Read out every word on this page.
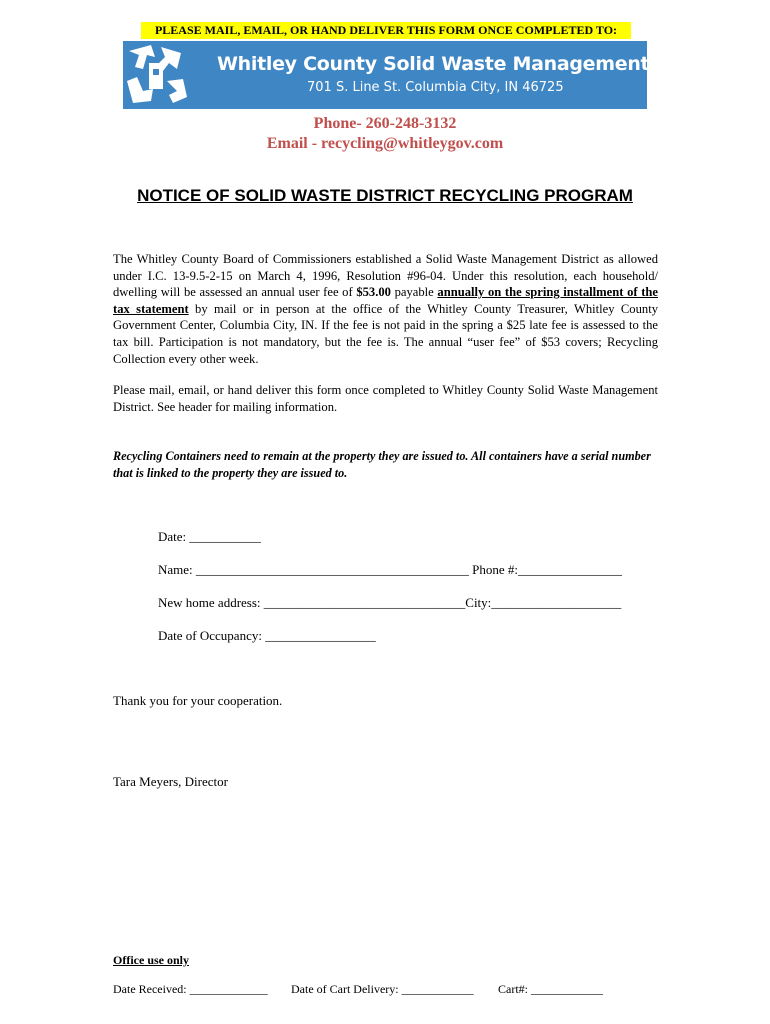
PLEASE MAIL, EMAIL, OR HAND DELIVER THIS FORM ONCE COMPLETED TO:
Whitley County Solid Waste Management District
701 S. Line St. Columbia City, IN 46725
Phone- 260-248-3132
Email - recycling@whitleygov.com
NOTICE OF SOLID WASTE DISTRICT RECYCLING PROGRAM
The Whitley County Board of Commissioners established a Solid Waste Management District as allowed under I.C. 13-9.5-2-15 on March 4, 1996, Resolution #96-04. Under this resolution, each household/ dwelling will be assessed an annual user fee of $53.00 payable annually on the spring installment of the tax statement by mail or in person at the office of the Whitley County Treasurer, Whitley County Government Center, Columbia City, IN. If the fee is not paid in the spring a $25 late fee is assessed to the tax bill. Participation is not mandatory, but the fee is. The annual “user fee” of $53 covers; Recycling Collection every other week.
Please mail, email, or hand deliver this form once completed to Whitley County Solid Waste Management District. See header for mailing information.
Recycling Containers need to remain at the property they are issued to. All containers have a serial number that is linked to the property they are issued to.
Date: ___________
Name: __________________________________________ Phone #:________________
New home address: _______________________________City:____________________
Date of Occupancy: _________________
Thank you for your cooperation.
Tara Meyers, Director
Office use only
Date Received: _____________ Date of Cart Delivery: ____________ Cart#: ____________
